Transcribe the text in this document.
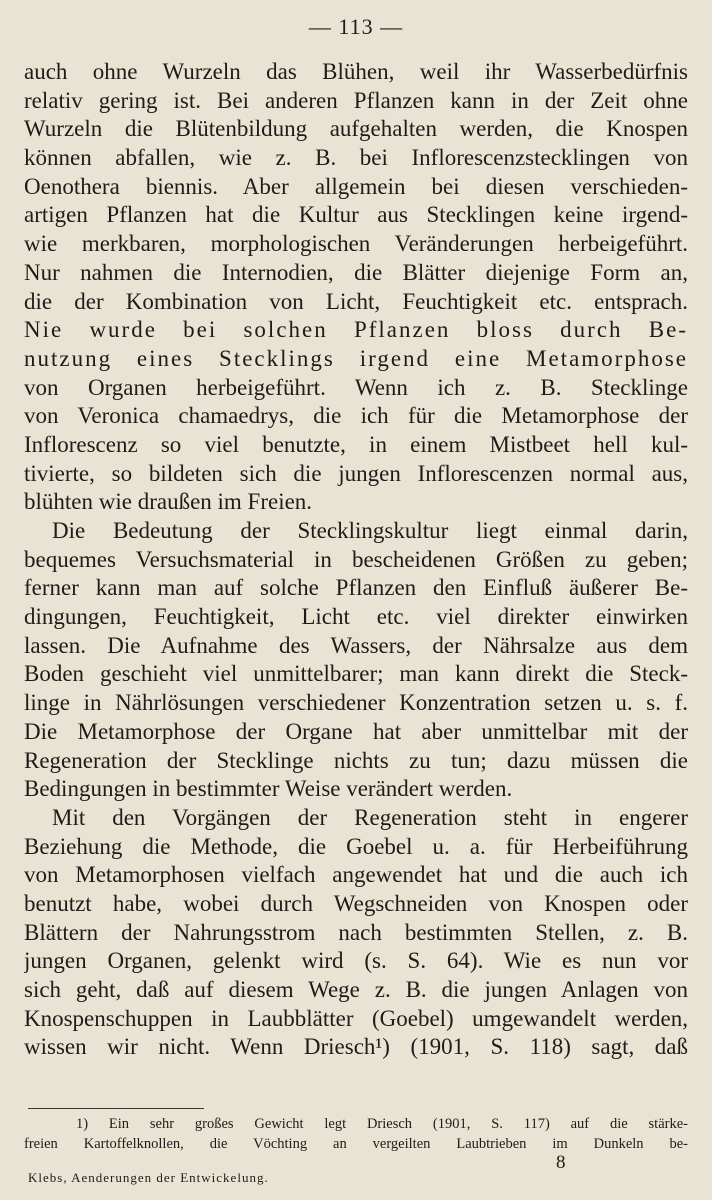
— 113 —
auch ohne Wurzeln das Blühen, weil ihr Wasserbedürfnis
relativ gering ist. Bei anderen Pflanzen kann in der Zeit ohne
Wurzeln die Blütenbildung aufgehalten werden, die Knospen
können abfallen, wie z. B. bei Inflorescenzstecklingen von
Oenothera biennis. Aber allgemein bei diesen verschieden-
artigen Pflanzen hat die Kultur aus Stecklingen keine irgend-
wie merkbaren, morphologischen Veränderungen herbeigeführt.
Nur nahmen die Internodien, die Blätter diejenige Form an,
die der Kombination von Licht, Feuchtigkeit etc. entsprach.
Nie wurde bei solchen Pflanzen bloss durch Be-
nutzung eines Stecklings irgend eine Metamorphose
von Organen herbeigeführt. Wenn ich z. B. Stecklinge
von Veronica chamaedrys, die ich für die Metamorphose der
Inflorescenz so viel benutzte, in einem Mistbeet hell kul-
tivierte, so bildeten sich die jungen Inflorescenzen normal aus,
blühten wie draußen im Freien.
Die Bedeutung der Stecklingskultur liegt einmal darin,
bequemes Versuchsmaterial in bescheidenen Größen zu geben;
ferner kann man auf solche Pflanzen den Einfluß äußerer Be-
dingungen, Feuchtigkeit, Licht etc. viel direkter einwirken
lassen. Die Aufnahme des Wassers, der Nährsalze aus dem
Boden geschieht viel unmittelbarer; man kann direkt die Steck-
linge in Nährlösungen verschiedener Konzentration setzen u. s. f.
Die Metamorphose der Organe hat aber unmittelbar mit der
Regeneration der Stecklinge nichts zu tun; dazu müssen die
Bedingungen in bestimmter Weise verändert werden.
Mit den Vorgängen der Regeneration steht in engerer
Beziehung die Methode, die Goebel u. a. für Herbeiführung
von Metamorphosen vielfach angewendet hat und die auch ich
benutzt habe, wobei durch Wegschneiden von Knospen oder
Blättern der Nahrungsstrom nach bestimmten Stellen, z. B.
jungen Organen, gelenkt wird (s. S. 64). Wie es nun vor
sich geht, daß auf diesem Wege z. B. die jungen Anlagen von
Knospenschuppen in Laubblätter (Goebel) umgewandelt werden,
wissen wir nicht. Wenn Driesch¹) (1901, S. 118) sagt, daß
1) Ein sehr großes Gewicht legt Driesch (1901, S. 117) auf die stärke-
freien Kartoffelknollen, die Vöchting an vergeilten Laubtrieben im Dunkeln be-
8
Klebs, Aenderungen der Entwickelung.
